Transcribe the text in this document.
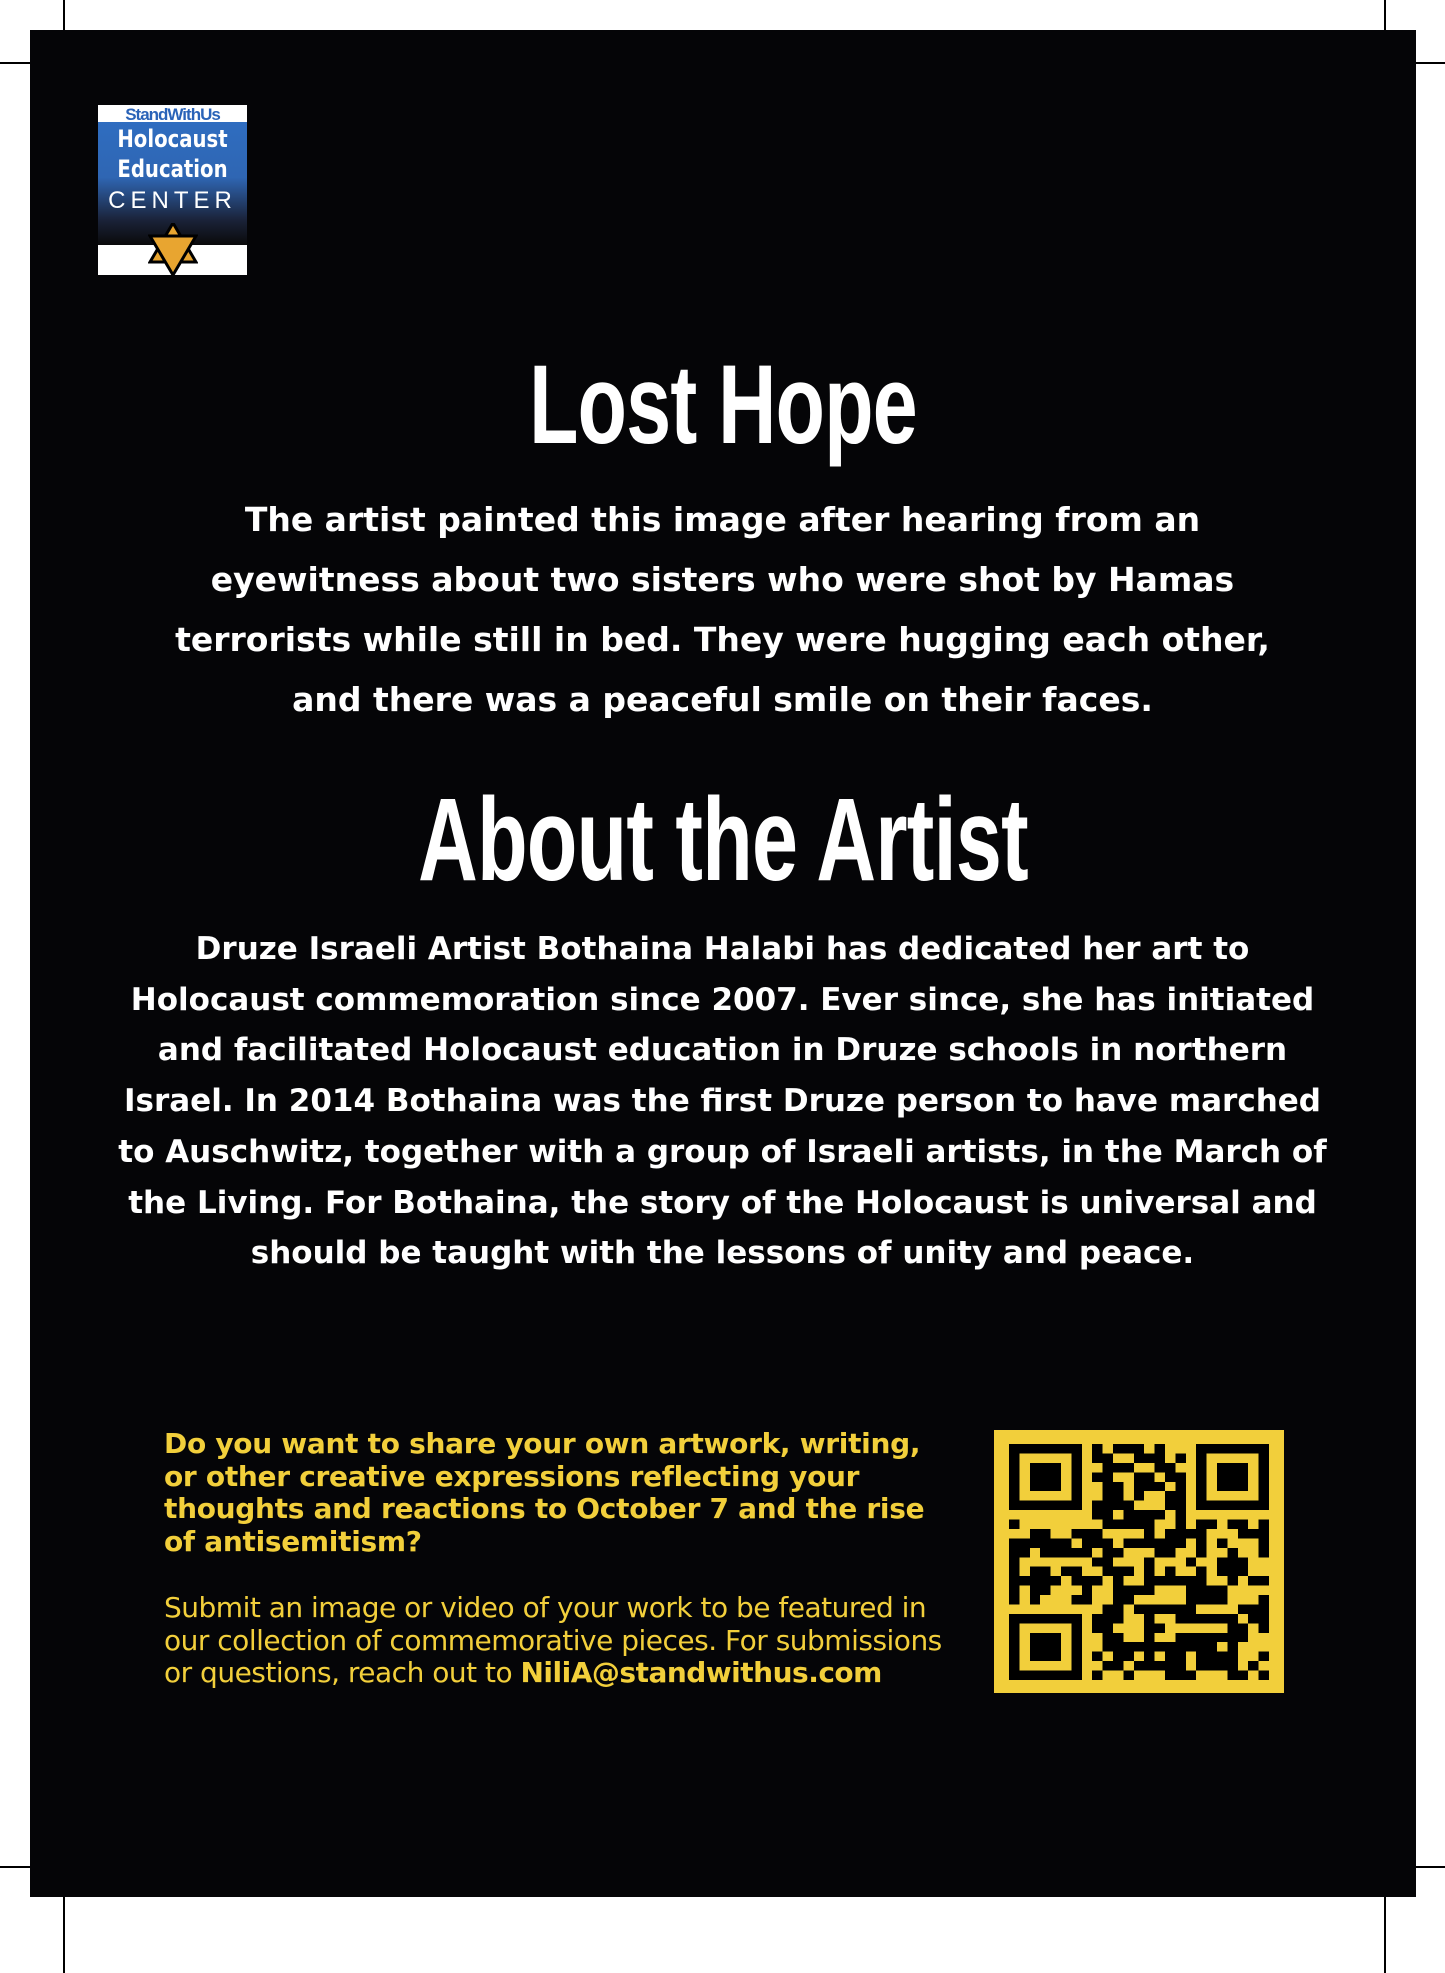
StandWithUs
Holocaust
Education
CENTER
Lost Hope
The artist painted this image after hearing from an eyewitness about two sisters who were shot by Hamas terrorists while still in bed. They were hugging each other, and there was a peaceful smile on their faces.
About the Artist
Druze Israeli Artist Bothaina Halabi has dedicated her art to Holocaust commemoration since 2007. Ever since, she has initiated and facilitated Holocaust education in Druze schools in northern Israel. In 2014 Bothaina was the first Druze person to have marched to Auschwitz, together with a group of Israeli artists, in the March of the Living. For Bothaina, the story of the Holocaust is universal and should be taught with the lessons of unity and peace.
Do you want to share your own artwork, writing, or other creative expressions reflecting your thoughts and reactions to October 7 and the rise of antisemitism?
Submit an image or video of your work to be featured in our collection of commemorative pieces. For submissions or questions, reach out to NiliA@standwithus.com
